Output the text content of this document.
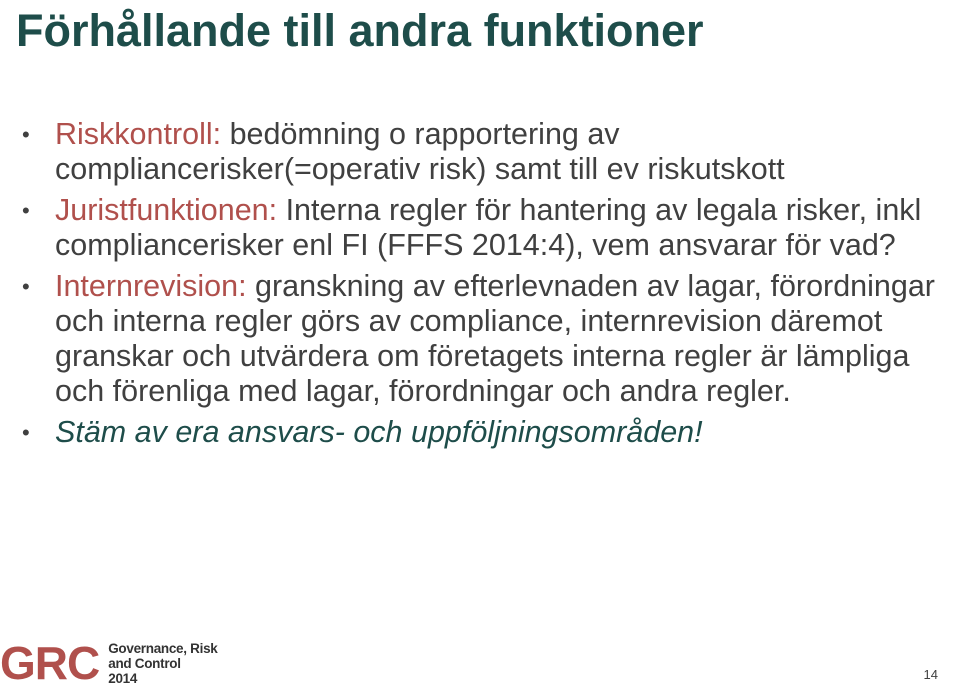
Förhållande till andra funktioner
• Riskkontroll: bedömning o rapportering av compliancerisker(=operativ risk) samt till ev riskutskott
• Juristfunktionen: Interna regler för hantering av legala risker, inkl compliancerisker enl FI (FFFS 2014:4), vem ansvarar för vad?
• Internrevision: granskning av efterlevnaden av lagar, förordningar och interna regler görs av compliance, internrevision däremot granskar och utvärdera om företagets interna regler är lämpliga och förenliga med lagar, förordningar och andra regler.
• Stäm av era ansvars- och uppföljningsområden!
GRC Governance, Risk
and Control
2014	14
